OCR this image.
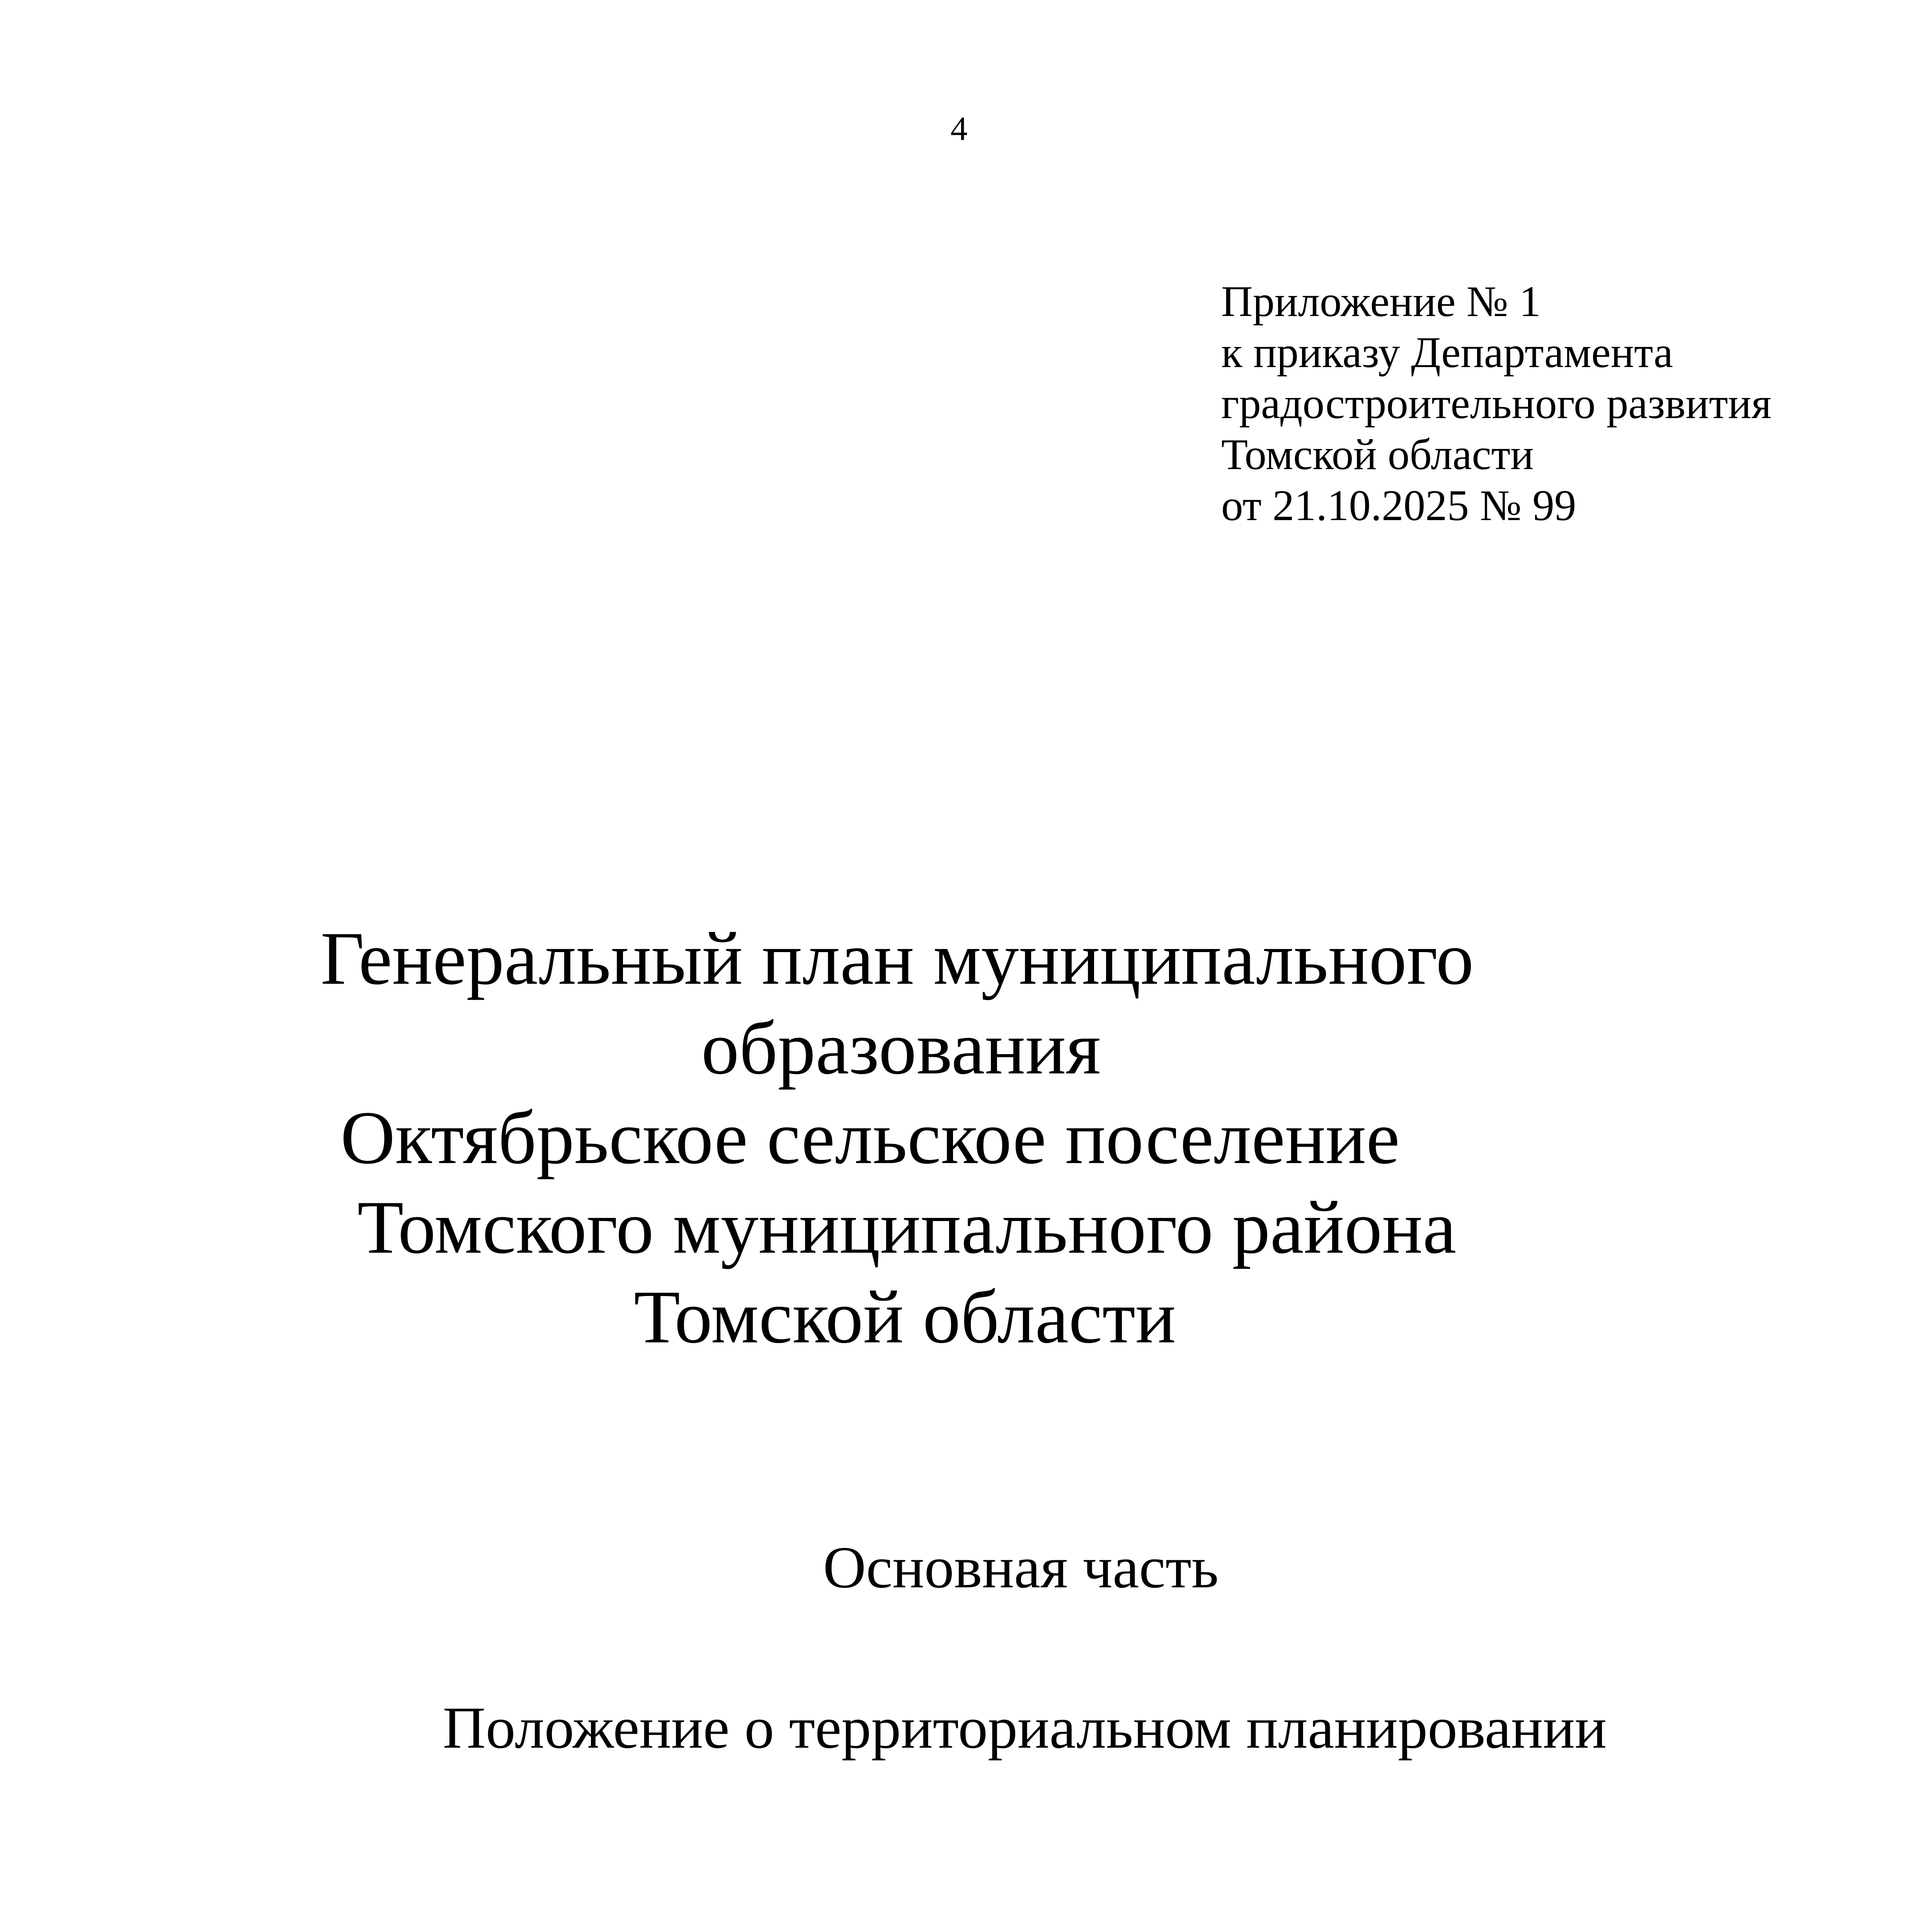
4
Приложение № 1
к приказу Департамента
градостроительного развития
Томской области
от 21.10.2025 № 99
Генеральный план муниципального
образования
Октябрьское сельское поселение
Томского муниципального района
Томской области
Основная часть
Положение о территориальном планировании
